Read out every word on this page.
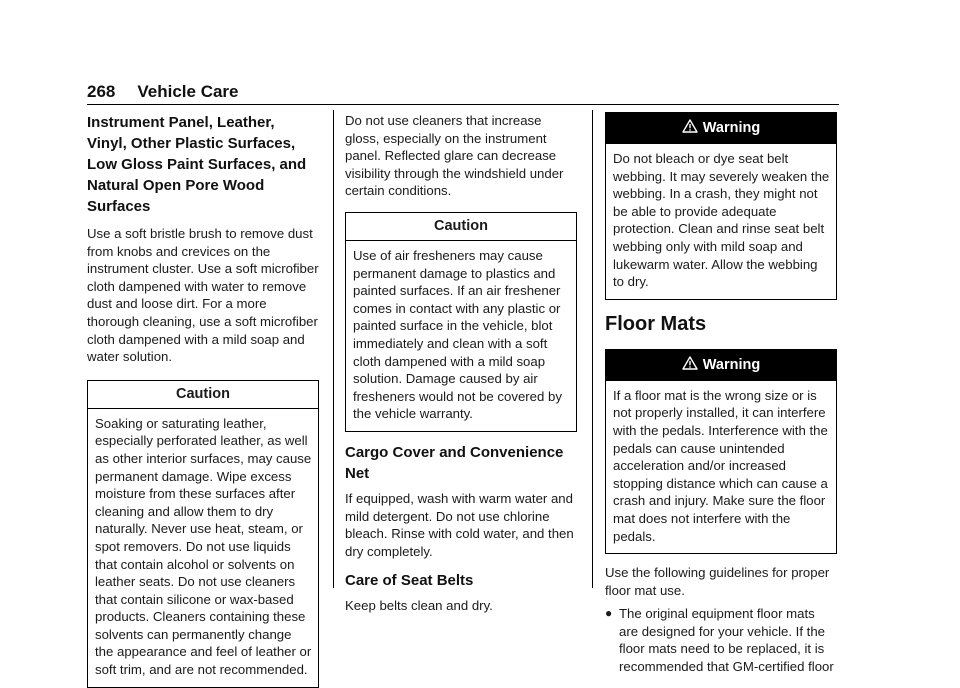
268 Vehicle Care
Instrument Panel, Leather, Vinyl, Other Plastic Surfaces, Low Gloss Paint Surfaces, and Natural Open Pore Wood Surfaces

Use a soft bristle brush to remove dust from knobs and crevices on the instrument cluster. Use a soft microfiber cloth dampened with water to remove dust and loose dirt. For a more thorough cleaning, use a soft microfiber cloth dampened with a mild soap and water solution.

Caution

Soaking or saturating leather, especially perforated leather, as well as other interior surfaces, may cause permanent damage. Wipe excess moisture from these surfaces after cleaning and allow them to dry naturally. Never use heat, steam, or spot removers. Do not use liquids that contain alcohol or solvents on leather seats. Do not use cleaners that contain silicone or wax-based products. Cleaners containing these solvents can permanently change the appearance and feel of leather or soft trim, and are not recommended.

Do not use cleaners that increase gloss, especially on the instrument panel. Reflected glare can decrease visibility through the windshield under certain conditions.

Caution

Use of air fresheners may cause permanent damage to plastics and painted surfaces. If an air freshener comes in contact with any plastic or painted surface in the vehicle, blot immediately and clean with a soft cloth dampened with a mild soap solution. Damage caused by air fresheners would not be covered by the vehicle warranty.

Cargo Cover and Convenience Net

If equipped, wash with warm water and mild detergent. Do not use chlorine bleach. Rinse with cold water, and then dry completely.

Care of Seat Belts

Keep belts clean and dry.

Warning

Do not bleach or dye seat belt webbing. It may severely weaken the webbing. In a crash, they might not be able to provide adequate protection. Clean and rinse seat belt webbing only with mild soap and lukewarm water. Allow the webbing to dry.

Floor Mats
Warning

If a floor mat is the wrong size or is not properly installed, it can interfere with the pedals. Interference with the pedals can cause unintended acceleration and/or increased stopping distance which can cause a crash and injury. Make sure the floor mat does not interfere with the pedals.

Use the following guidelines for proper floor mat use.

● The original equipment floor mats are designed for your vehicle. If the floor mats need to be replaced, it is recommended that GM-certified floor
